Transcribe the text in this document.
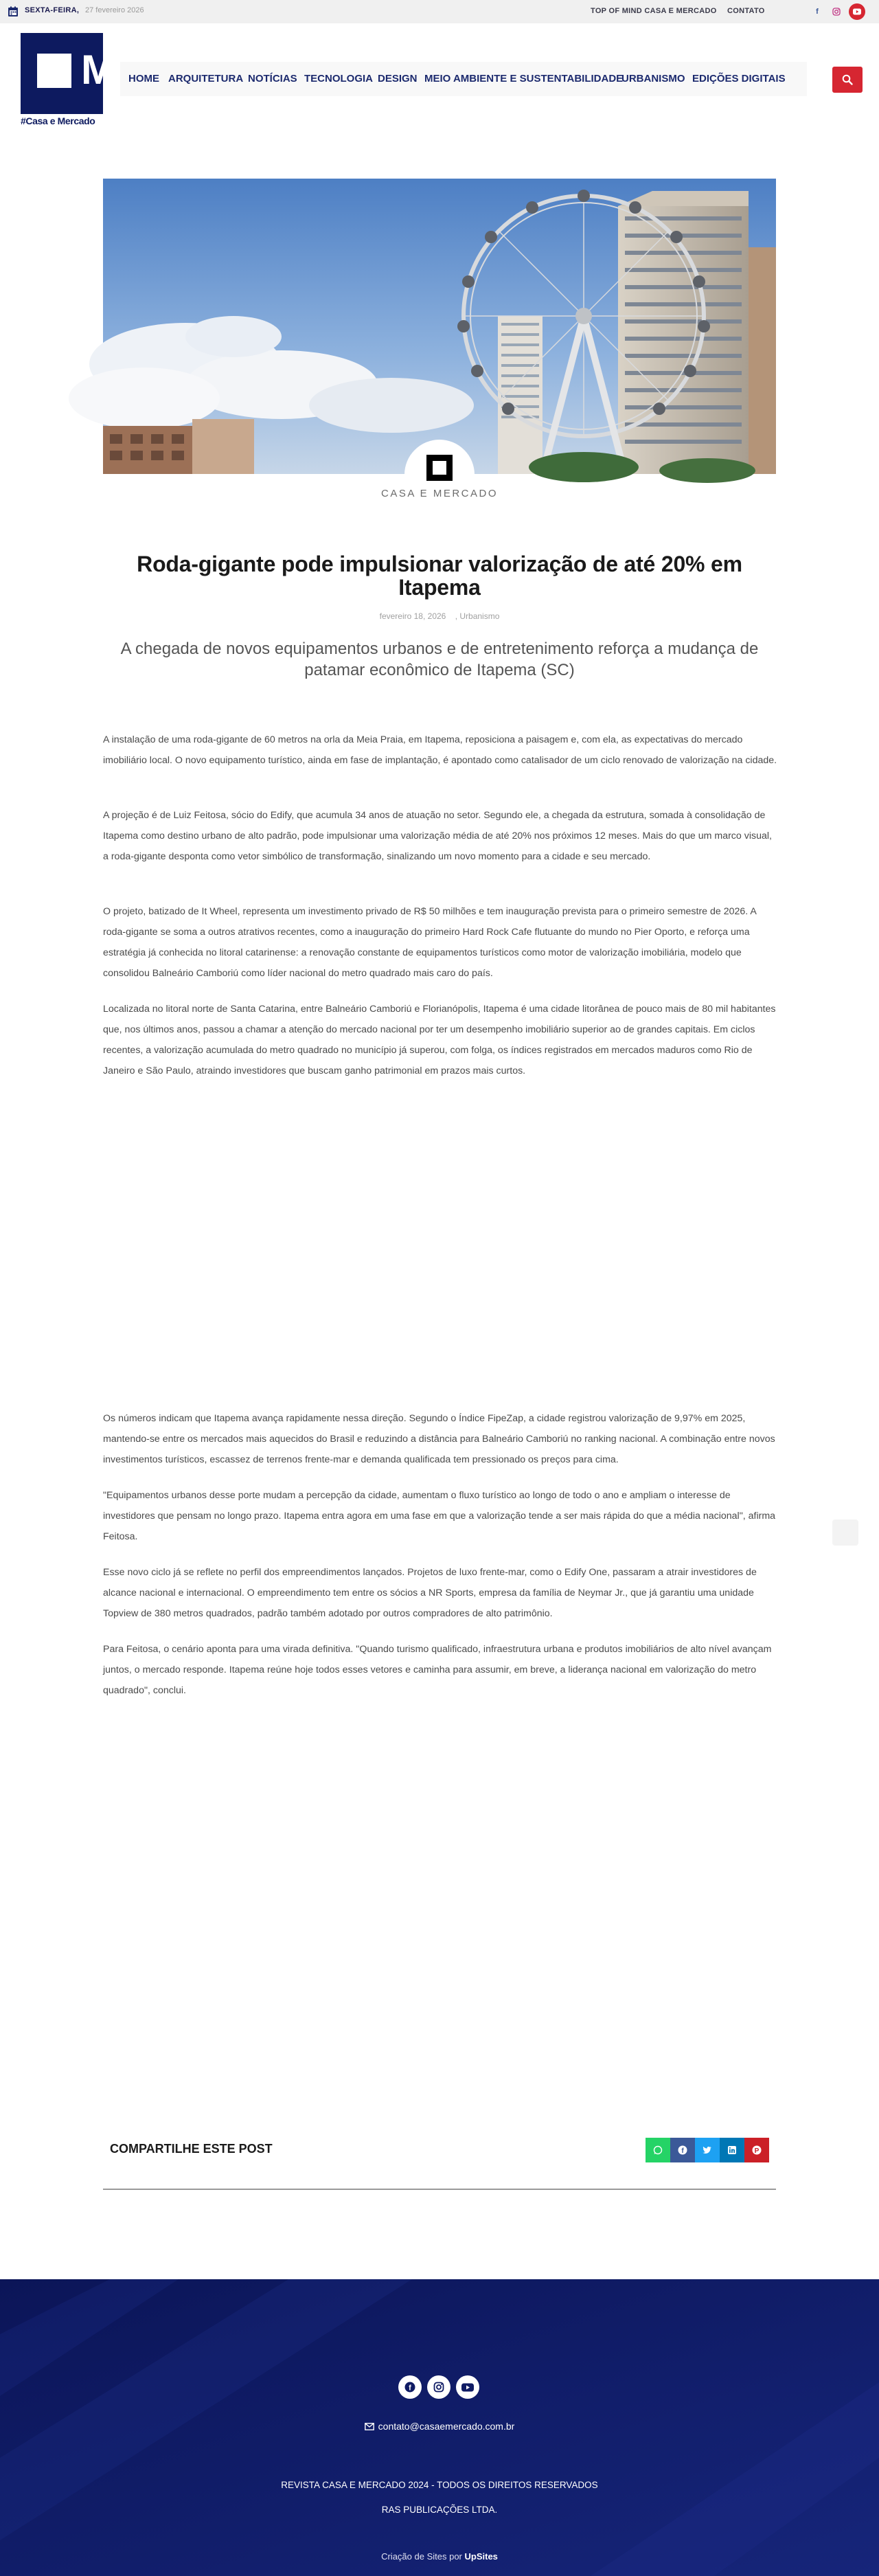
SEXTA-FEIRA, 27 fevereiro 2026	TOP OF MIND CASA E MERCADO CONTATO	f
M
#Casa e Mercado
HOME ARQUITETURA NOTÍCIAS TECNOLOGIA DESIGN MEIO AMBIENTE E SUSTENTABILIDADE
URBANISMO EDIÇÕES DIGITAIS
CASA E MERCADO
Roda-gigante pode impulsionar valorização de até 20% em Itapema
fevereiro 18, 2026 , Urbanismo
A chegada de novos equipamentos urbanos e de entretenimento reforça a mudança de patamar econômico de Itapema (SC)

A instalação de uma roda-gigante de 60 metros na orla da Meia Praia, em Itapema, reposiciona a paisagem e, com ela, as expectativas do mercado imobiliário local. O novo equipamento turístico, ainda em fase de implantação, é apontado como catalisador de um ciclo renovado de valorização na cidade.

A projeção é de Luiz Feitosa, sócio do Edify, que acumula 34 anos de atuação no setor. Segundo ele, a chegada da estrutura, somada à consolidação de Itapema como destino urbano de alto padrão, pode impulsionar uma valorização média de até 20% nos próximos 12 meses. Mais do que um marco visual, a roda-gigante desponta como vetor simbólico de transformação, sinalizando um novo momento para a cidade e seu mercado.

O projeto, batizado de It Wheel, representa um investimento privado de R$ 50 milhões e tem inauguração prevista para o primeiro semestre de 2026. A roda-gigante se soma a outros atrativos recentes, como a inauguração do primeiro Hard Rock Cafe flutuante do mundo no Pier Oporto, e reforça uma estratégia já conhecida no litoral catarinense: a renovação constante de equipamentos turísticos como motor de valorização imobiliária, modelo que consolidou Balneário Camboriú como líder nacional do metro quadrado mais caro do país.

Localizada no litoral norte de Santa Catarina, entre Balneário Camboriú e Florianópolis, Itapema é uma cidade litorânea de pouco mais de 80 mil habitantes que, nos últimos anos, passou a chamar a atenção do mercado nacional por ter um desempenho imobiliário superior ao de grandes capitais. Em ciclos recentes, a valorização acumulada do metro quadrado no município já superou, com folga, os índices registrados em mercados maduros como Rio de Janeiro e São Paulo, atraindo investidores que buscam ganho patrimonial em prazos mais curtos.

Os números indicam que Itapema avança rapidamente nessa direção. Segundo o Índice FipeZap, a cidade registrou valorização de 9,97% em 2025, mantendo-se entre os mercados mais aquecidos do Brasil e reduzindo a distância para Balneário Camboriú no ranking nacional. A combinação entre novos investimentos turísticos, escassez de terrenos frente-mar e demanda qualificada tem pressionado os preços para cima.

"Equipamentos urbanos desse porte mudam a percepção da cidade, aumentam o fluxo turístico ao longo de todo o ano e ampliam o interesse de investidores que pensam no longo prazo. Itapema entra agora em uma fase em que a valorização tende a ser mais rápida do que a média nacional", afirma Feitosa.

Esse novo ciclo já se reflete no perfil dos empreendimentos lançados. Projetos de luxo frente-mar, como o Edify One, passaram a atrair investidores de alcance nacional e internacional. O empreendimento tem entre os sócios a NR Sports, empresa da família de Neymar Jr., que já garantiu uma unidade Topview de 380 metros quadrados, padrão também adotado por outros compradores de alto patrimônio.

Para Feitosa, o cenário aponta para uma virada definitiva. "Quando turismo qualificado, infraestrutura urbana e produtos imobiliários de alto nível avançam juntos, o mercado responde. Itapema reúne hoje todos esses vetores e caminha para assumir, em breve, a liderança nacional em valorização do metro quadrado", conclui.

COMPARTILHE ESTE POST	f	P
f
contato@casaemercado.com.br
REVISTA CASA E MERCADO 2024 - TODOS OS DIREITOS RESERVADOS
RAS PUBLICAÇÕES LTDA.
Criação de Sites por UpSites
